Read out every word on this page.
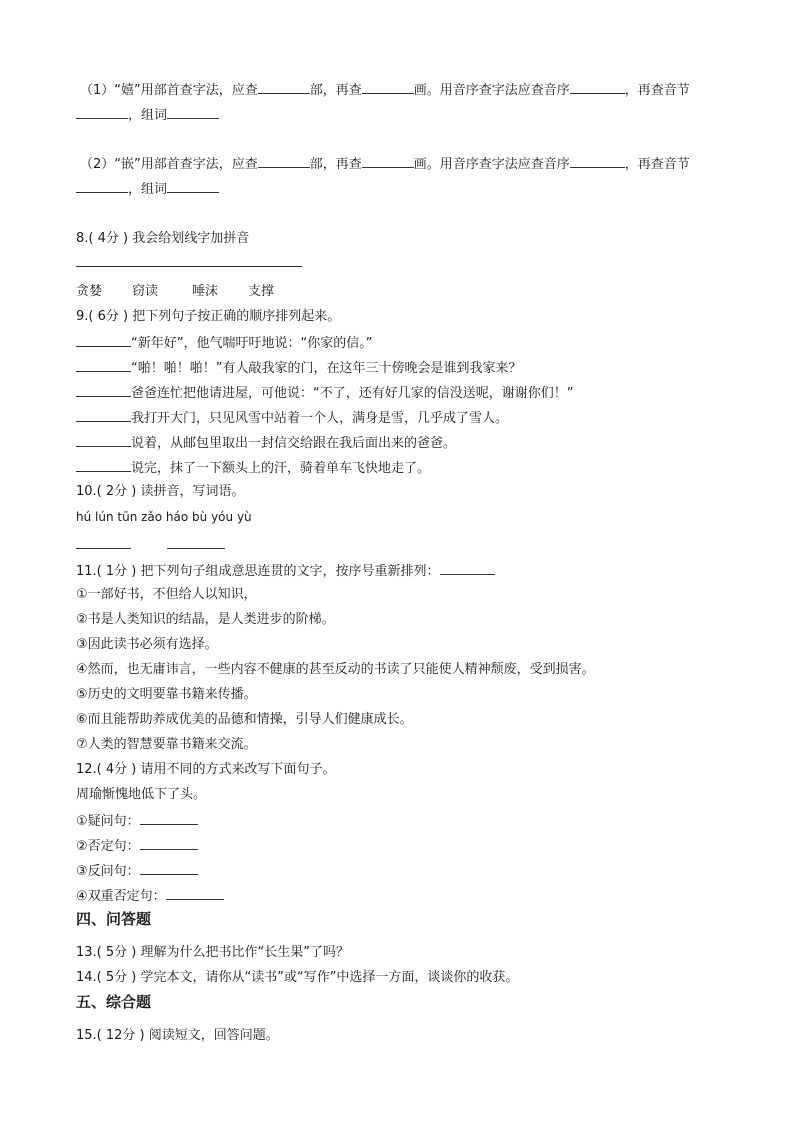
（1）“嬉”用部首查字法，应查	部，再查	画。用音序查字法应查音序	，再查音节
，组词
（2）“嵌”用部首查字法，应查	部，再查	画。用音序查字法应查音序	，再查音节
，组词
8.( 4分 ) 我会给划线字加拼音
贪婪 窃读	唾沫 支撑
9.( 6分 ) 把下列句子按正确的顺序排列起来。
“新年好”，他气喘吁吁地说：“你家的信。”
“啪！啪！啪！”有人敲我家的门，在这年三十傍晚会是谁到我家来？
爸爸连忙把他请进屋，可他说：“不了，还有好几家的信没送呢，谢谢你们！”
我打开大门，只见风雪中站着一个人，满身是雪，几乎成了雪人。
说着，从邮包里取出一封信交给跟在我后面出来的爸爸。
说完，抹了一下额头上的汗，骑着单车飞快地走了。
10.( 2分 ) 读拼音，写词语。
hú lún tūn zǎo háo bù yóu yù
11.( 1分 ) 把下列句子组成意思连贯的文字，按序号重新排列：
①一部好书，不但给人以知识，
②书是人类知识的结晶，是人类进步的阶梯。
③因此读书必须有选择。
④然而，也无庸讳言，一些内容不健康的甚至反动的书读了只能使人精神颓废，受到损害。
⑤历史的文明要靠书籍来传播。
⑥而且能帮助养成优美的品德和情操，引导人们健康成长。
⑦人类的智慧要靠书籍来交流。
12.( 4分 ) 请用不同的方式来改写下面句子。
周瑜惭愧地低下了头。
①疑问句：
②否定句：
③反问句：
④双重否定句：
四、问答题
13.( 5分 ) 理解为什么把书比作“长生果”了吗？
14.( 5分 ) 学完本文，请你从“读书”或“写作”中选择一方面，谈谈你的收获。
五、综合题
15.( 12分 ) 阅读短文，回答问题。
